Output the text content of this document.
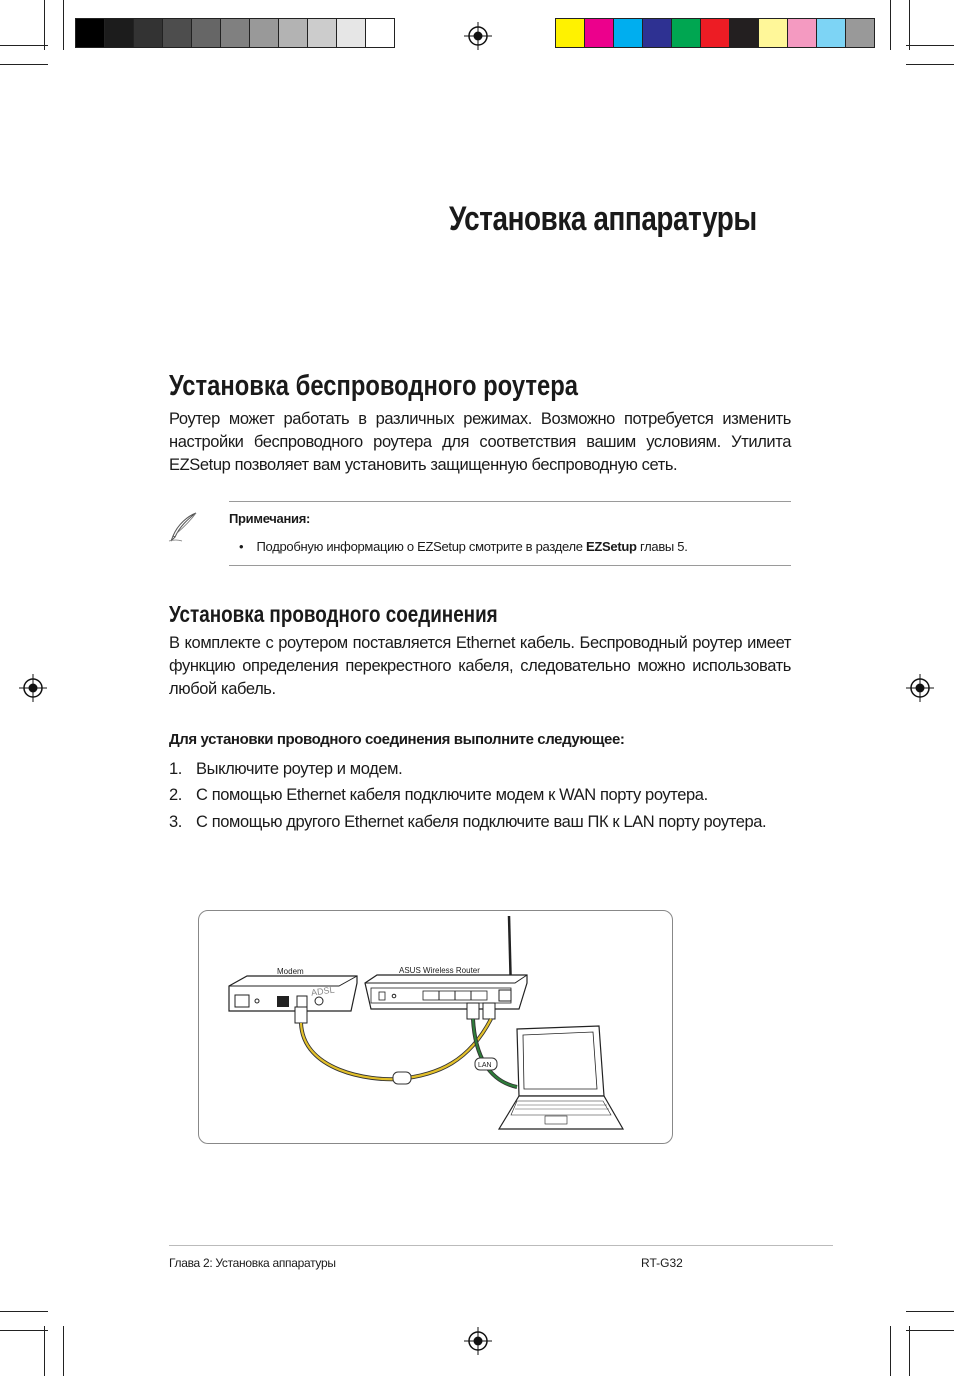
Установка аппаратуры
Установка беспроводного роутера
Роутер может работать в различных режимах. Возможно потребуется изменить настройки беспроводного роутера для соответствия вашим условиям. Утилита EZSetup позволяет вам установить защищенную беспроводную сеть.
Примечания:
• Подробную информацию о EZSetup смотрите в разделе EZSetup главы 5.
Установка проводного соединения
В комплекте с роутером поставляется Ethernet кабель. Беспроводный роутер имеет функцию определения перекрестного кабеля, следовательно можно использовать любой кабель.
Для установки проводного соединения выполните следующее:
1. Выключите роутер и модем.
2. С помощью Ethernet кабеля подключите модем к WAN порту роутера.
3. С помощью другого Ethernet кабеля подключите ваш ПК к LAN порту роутера.
Modem
ADSL
ASUS Wireless Router
LAN
Глава 2: Установка аппаратуры	RT-G32
